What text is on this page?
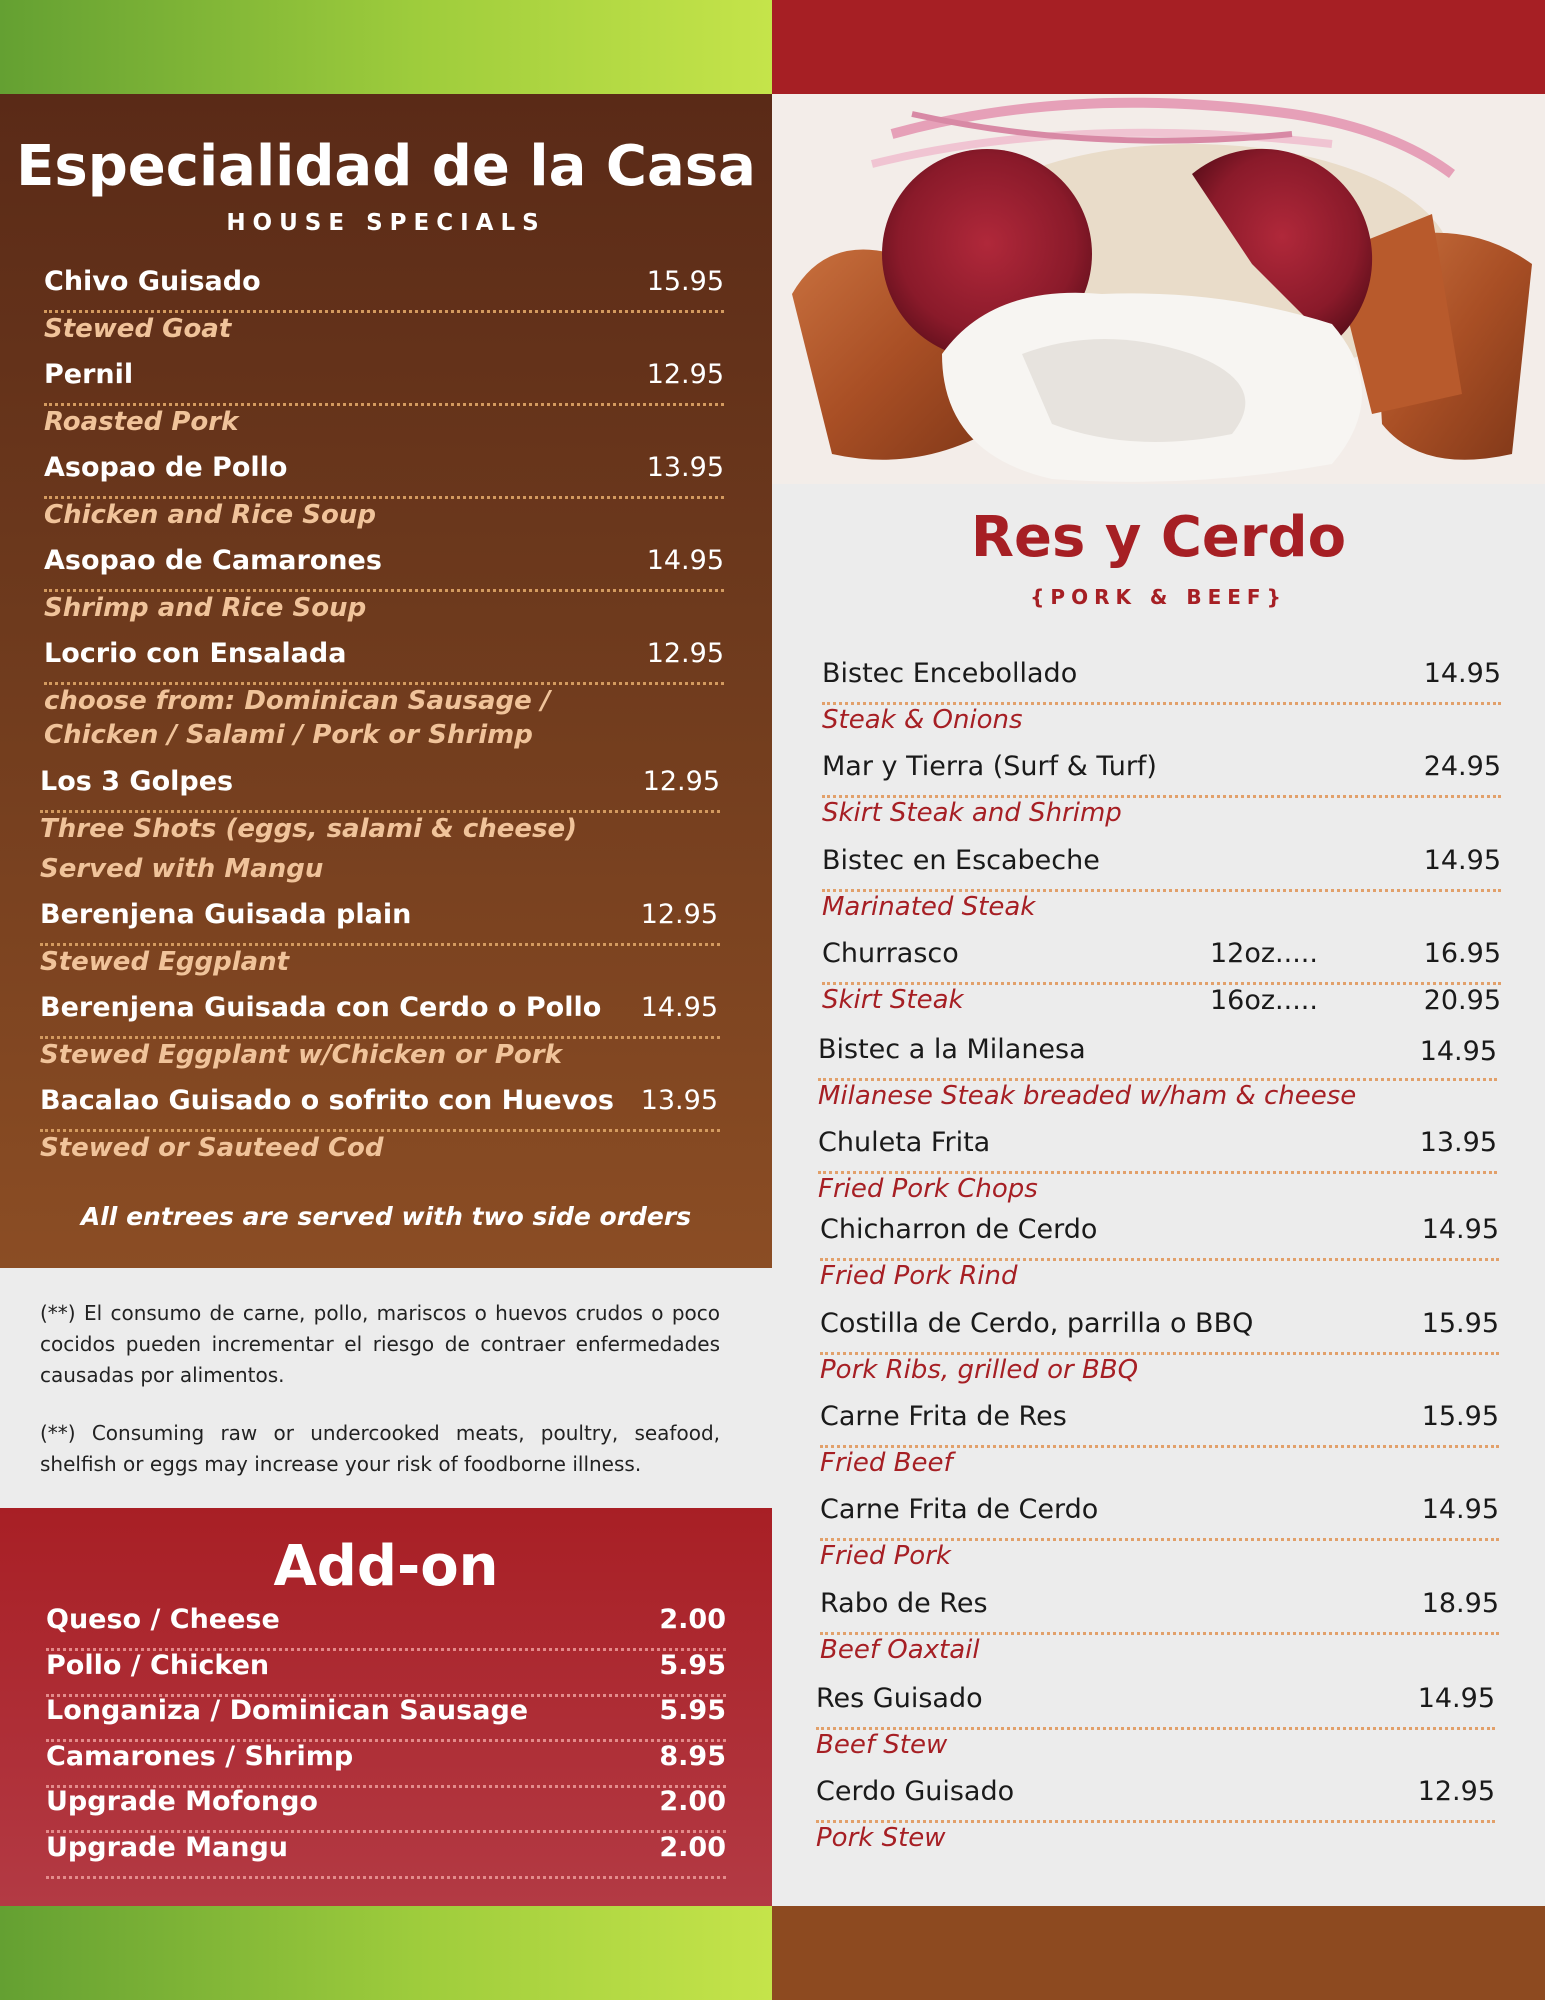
Especialidad de la Casa
HOUSE SPECIALS
Chivo Guisado	15.95
Stewed Goat
Pernil	12.95
Roasted Pork
Asopao de Pollo	13.95
Chicken and Rice Soup
Asopao de Camarones	14.95
Shrimp and Rice Soup
Locrio con Ensalada	12.95
choose from: Dominican Sausage /
Chicken / Salami / Pork or Shrimp
Los 3 Golpes	12.95
Three Shots (eggs, salami & cheese)
Served with Mangu
Berenjena Guisada plain	12.95
Stewed Eggplant
Berenjena Guisada con Cerdo o Pollo	14.95
Stewed Eggplant w/Chicken or Pork
Bacalao Guisado o sofrito con Huevos 13.95
Stewed or Sauteed Cod
All entrees are served with two side orders
(**) El consumo de carne, pollo, mariscos o huevos crudos o poco cocidos pueden incrementar el riesgo de contraer enfermedades causadas por alimentos.
(**) Consuming raw or undercooked meats, poultry, seafood, shelfish or eggs may increase your risk of foodborne illness.
Add-on
Queso / Cheese	2.00
Pollo / Chicken	5.95
Longaniza / Dominican Sausage	5.95
Camarones / Shrimp	8.95
Upgrade Mofongo	2.00
Upgrade Mangu	2.00
Res y Cerdo
{PORK & BEEF}
Bistec Encebollado	14.95
Steak & Onions
Mar y Tierra (Surf & Turf)	24.95
Skirt Steak and Shrimp
Bistec en Escabeche	14.95
Marinated Steak
Churrasco	12oz.....	16.95
Skirt Steak	16oz.....	20.95
Bistec a la Milanesa	14.95
Milanese Steak breaded w/ham & cheese
Chuleta Frita	13.95
Fried Pork Chops
Chicharron de Cerdo	14.95
Fried Pork Rind
Costilla de Cerdo, parrilla o BBQ	15.95
Pork Ribs, grilled or BBQ
Carne Frita de Res	15.95
Fried Beef
Carne Frita de Cerdo	14.95
Fried Pork
Rabo de Res	18.95
Beef Oaxtail
Res Guisado	14.95
Beef Stew
Cerdo Guisado	12.95
Pork Stew
